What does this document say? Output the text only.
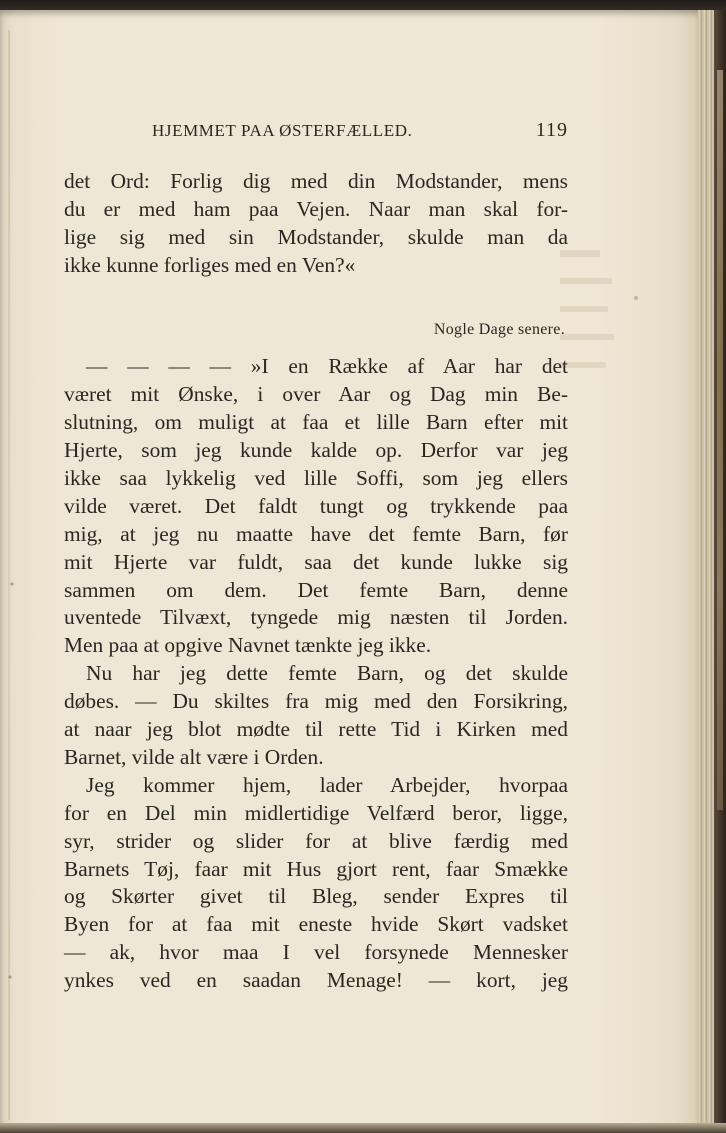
HJEMMET PAA ØSTERFÆLLED.	119
det Ord: Forlig dig med din Modstander, mens
du er med ham paa Vejen. Naar man skal for-
lige sig med sin Modstander, skulde man da
ikke kunne forliges med en Ven?«
Nogle Dage senere.
— — — — »I en Række af Aar har det
været mit Ønske, i over Aar og Dag min Be-
slutning, om muligt at faa et lille Barn efter mit
Hjerte, som jeg kunde kalde op. Derfor var jeg
ikke saa lykkelig ved lille Soffi, som jeg ellers
vilde været. Det faldt tungt og trykkende paa
mig, at jeg nu maatte have det femte Barn, før
mit Hjerte var fuldt, saa det kunde lukke sig
sammen om dem. Det femte Barn, denne
uventede Tilvæxt, tyngede mig næsten til Jorden.
Men paa at opgive Navnet tænkte jeg ikke.
Nu har jeg dette femte Barn, og det skulde
døbes. — Du skiltes fra mig med den Forsikring,
at naar jeg blot mødte til rette Tid i Kirken med
Barnet, vilde alt være i Orden.
Jeg kommer hjem, lader Arbejder, hvorpaa
for en Del min midlertidige Velfærd beror, ligge,
syr, strider og slider for at blive færdig med
Barnets Tøj, faar mit Hus gjort rent, faar Smække
og Skørter givet til Bleg, sender Expres til
Byen for at faa mit eneste hvide Skørt vadsket
— ak, hvor maa I vel forsynede Mennesker
ynkes ved en saadan Menage! — kort, jeg
